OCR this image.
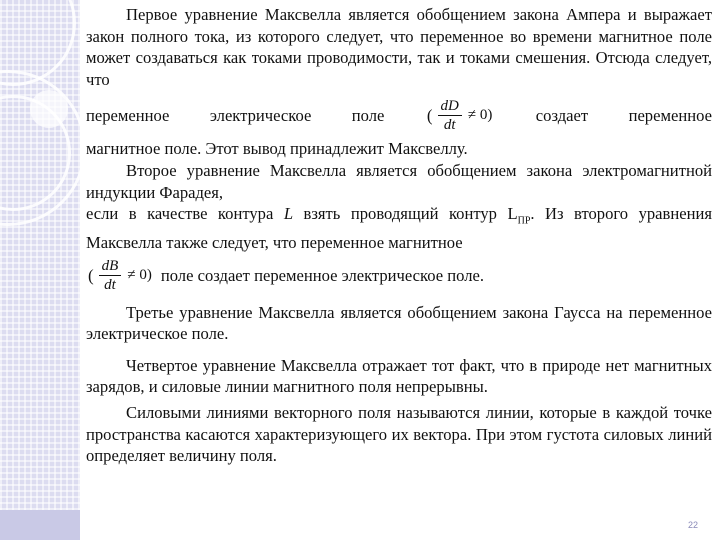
Первое уравнение Максвелла является обобщением закона Ампера и выражает закон полного тока, из которого следует, что переменное во времени магнитное поле может создаваться как токами проводимости, так и токами смешения. Отсюда следует, что

переменное электрическое поле ( $\frac{dD}{dt} \ne 0$)	создает переменное

магнитное поле. Этот вывод принадлежит Максвеллу.

Второе уравнение Максвелла является обобщением закона электромагнитной индукции Фарадея,

если в качестве контура L взять проводящий контур $L_{ПР}$. Из второго уравнения Максвелла также следует, что переменное магнитное

( $\frac{dB}{dt} \ne 0$) поле создает переменное электрическое поле.

Третье уравнение Максвелла является обобщением закона Гаусса на переменное электрическое поле.

Четвертое уравнение Максвелла отражает тот факт, что в природе нет магнитных зарядов, и силовые линии магнитного поля непрерывны.

Силовыми линиями векторного поля называются линии, которые в каждой точке пространства касаются характеризующего их вектора. При этом густота силовых линий определяет величину поля.

22
